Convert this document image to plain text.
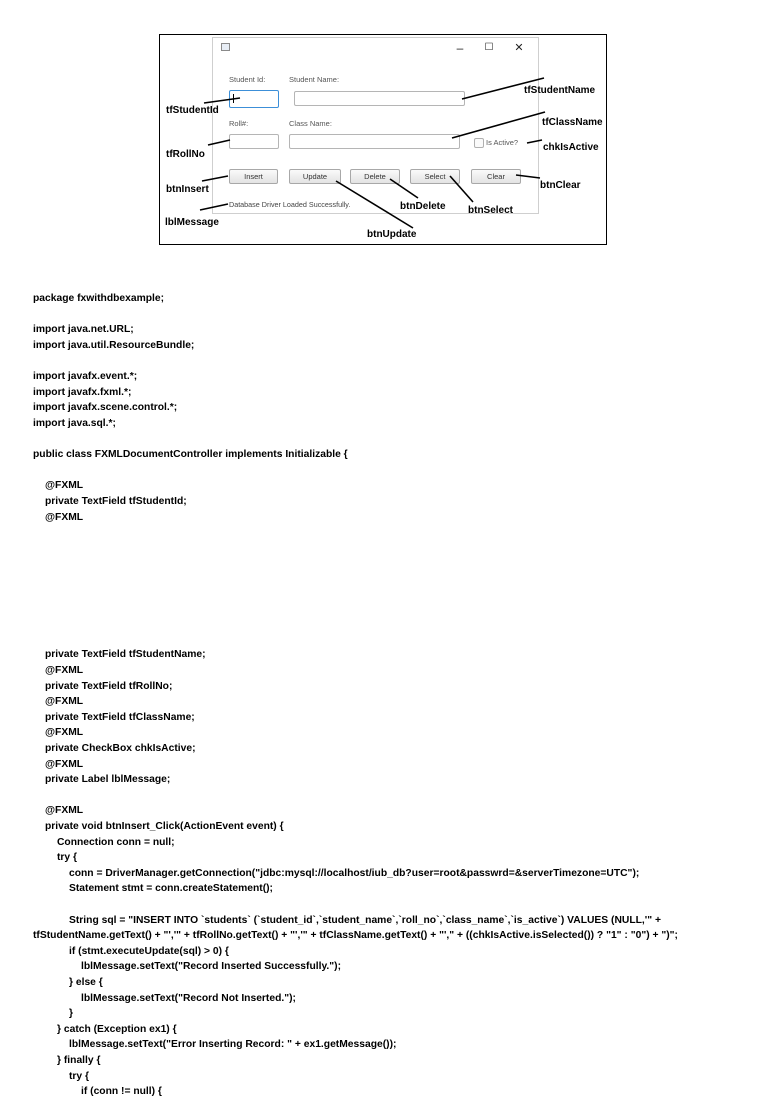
–	☐	✕
Student Id:	Student Name:
Roll#:	Class Name:
Is Active?
Insert	Update	Delete	Select	Clear
Database Driver Loaded Successfully.
tfStudentId
tfStudentName
tfRollNo
tfClassName
chkIsActive
btnInsert	btnClear
btnDelete btnSelect
lblMessage
btnUpdate

package fxwithdbexample;

import java.net.URL;
import java.util.ResourceBundle;

import javafx.event.*;
import javafx.fxml.*;
import javafx.scene.control.*;
import java.sql.*;

public class FXMLDocumentController implements Initializable {

@FXML
private TextField tfStudentId;
@FXML

private TextField tfStudentName;
@FXML
private TextField tfRollNo;
@FXML
private TextField tfClassName;
@FXML
private CheckBox chkIsActive;
@FXML
private Label lblMessage;

@FXML
private void btnInsert_Click(ActionEvent event) {
Connection conn = null;
try {
conn = DriverManager.getConnection("jdbc:mysql://localhost/iub_db?user=root&passwrd=&serverTimezone=UTC");
Statement stmt = conn.createStatement();

String sql = "INSERT INTO `students` (`student_id`,`student_name`,`roll_no`,`class_name`,`is_active`) VALUES (NULL,'" +
tfStudentName.getText() + "','" + tfRollNo.getText() + "','" + tfClassName.getText() + "'," + ((chkIsActive.isSelected()) ? "1" : "0") + ")";
if (stmt.executeUpdate(sql) > 0) {
lblMessage.setText("Record Inserted Successfully.");
} else {
lblMessage.setText("Record Not Inserted.");
}
} catch (Exception ex1) {
lblMessage.setText("Error Inserting Record: " + ex1.getMessage());
} finally {
try {
if (conn != null) {
